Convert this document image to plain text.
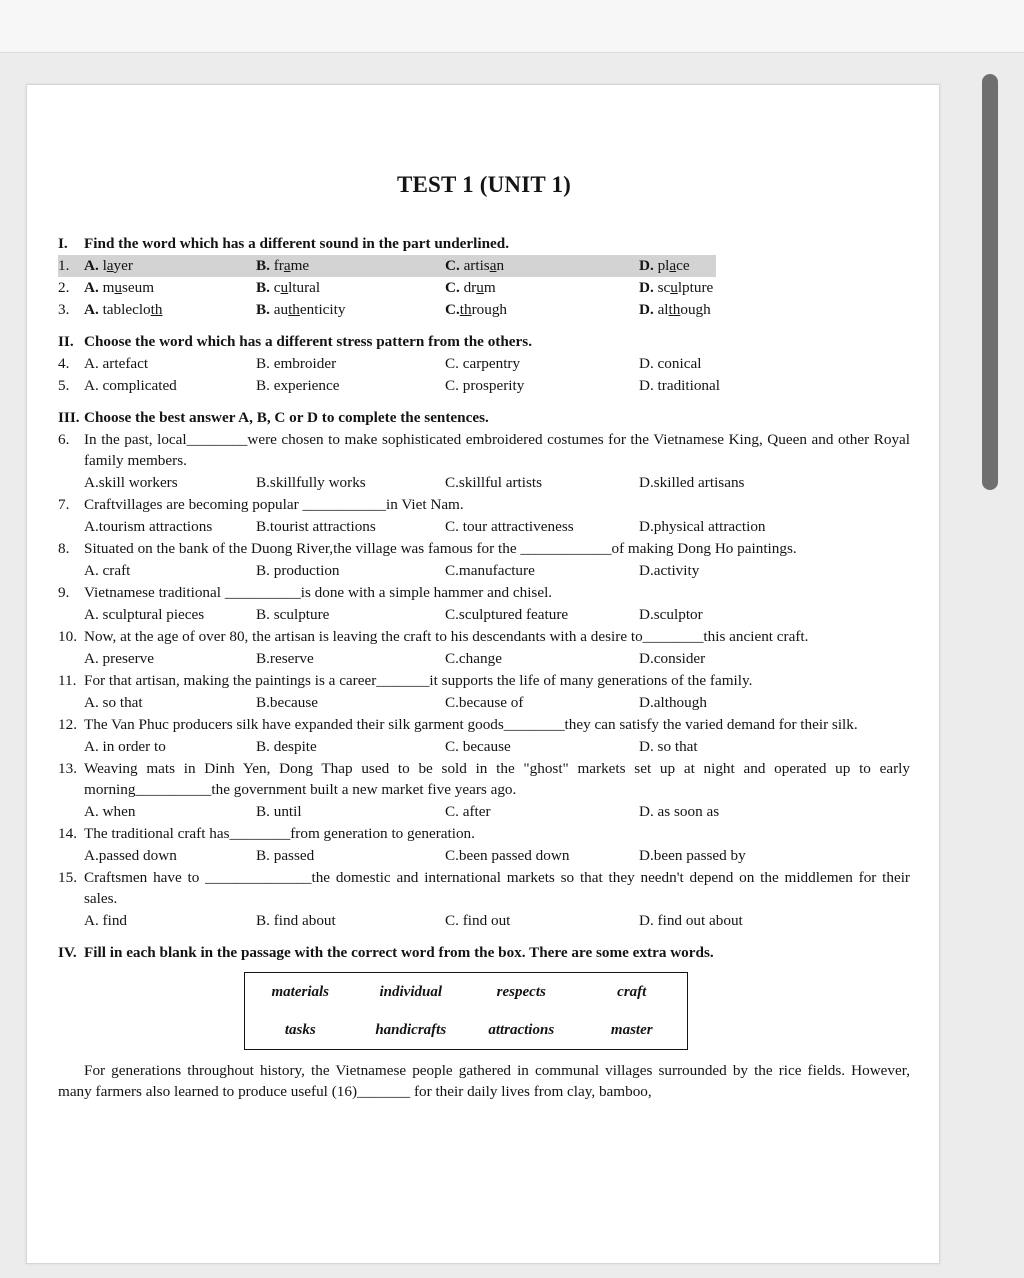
TEST 1 (UNIT 1)
I.	Find the word which has a different sound in the part underlined.
1. A. layer	B. frame	C. artisan	D. place
2. A. museum	B. cultural	C. drum	D. sculpture
3. A. tablecloth	B. authenticity	C.through	D. although
II. Choose the word which has a different stress pattern from the others.
4. A. artefact	B. embroider	C. carpentry	D. conical
5. A. complicated	B. experience	C. prosperity	D. traditional
III. Choose the best answer A, B, C or D to complete the sentences.
6. In the past, local________were chosen to make sophisticated embroidered costumes for the Vietnamese King, Queen and other Royal family members.
A.skill workers	B.skillfully works	C.skillful artists	D.skilled artisans
7. Craftvillages are becoming popular ___________in Viet Nam.
A.tourism attractions	B.tourist attractions	C. tour attractiveness	D.physical attraction
8. Situated on the bank of the Duong River,the village was famous for the ____________of making Dong Ho paintings.
A. craft	B. production	C.manufacture	D.activity
9. Vietnamese traditional __________is done with a simple hammer and chisel.
A. sculptural pieces	B. sculpture	C.sculptured feature	D.sculptor
10. Now, at the age of over 80, the artisan is leaving the craft to his descendants with a desire to________this ancient craft.
A. preserve	B.reserve	C.change	D.consider
11. For that artisan, making the paintings is a career_______it supports the life of many generations of the family.
A. so that	B.because	C.because of	D.although
12. The Van Phuc producers silk have expanded their silk garment goods________they can satisfy the varied demand for their silk.
A. in order to	B. despite	C. because	D. so that
13. Weaving mats in Dinh Yen, Dong Thap used to be sold in the "ghost" markets set up at night and operated up to early morning__________the government built a new market five years ago.
A. when	B. until	C. after	D. as soon as
14. The traditional craft has________from generation to generation.
A.passed down	B. passed	C.been passed down	D.been passed by
15. Craftsmen have to ______________the domestic and international markets so that they needn't depend on the middlemen for their sales.
A. find	B. find about	C. find out	D. find out about
IV. Fill in each blank in the passage with the correct word from the box. There are some extra words.
materials	individual	respects	craft
tasks	handicrafts	attractions	master
For generations throughout history, the Vietnamese people gathered in communal villages surrounded by the rice fields. However, many farmers also learned to produce useful (16)_______ for their daily lives from clay, bamboo,
